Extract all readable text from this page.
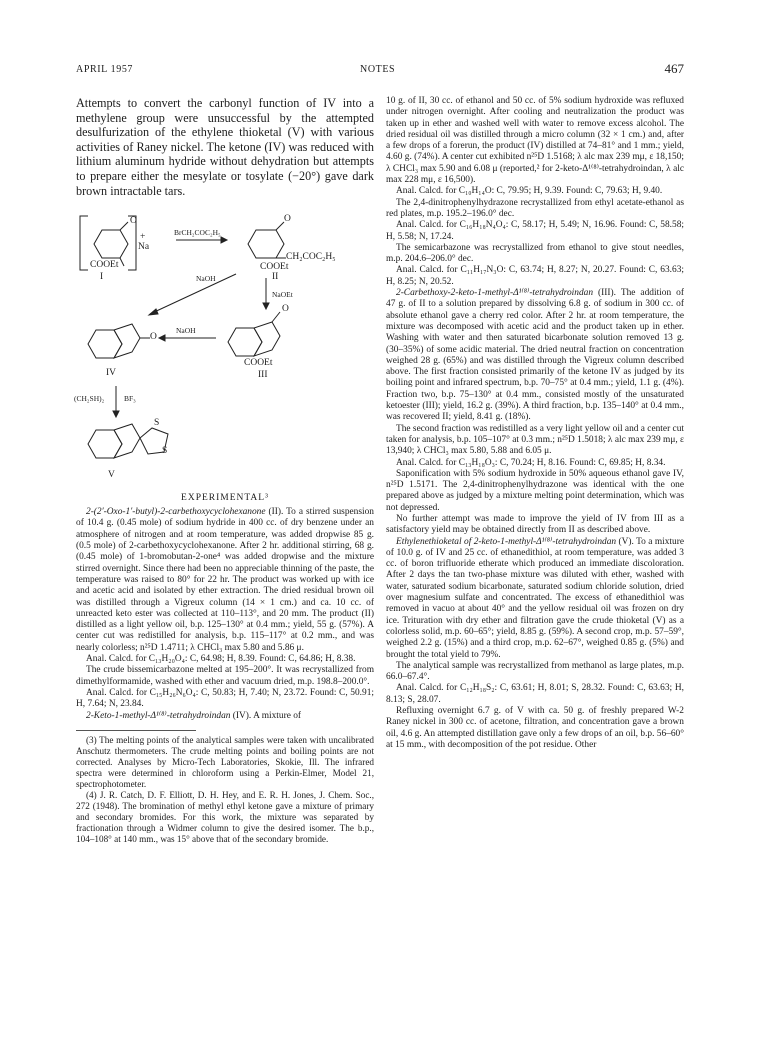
APRIL 1957	NOTES	467

Attempts to convert the carbonyl function of IV into a methylene group were unsuccessful by the attempted desulfurization of the ethylene thioketal (V) with various activities of Raney nickel. The ketone (IV) was reduced with lithium aluminum hydride without dehydration but attempts to prepare either the mesylate or tosylate (−20°) gave dark brown intractable tars.

O
+
Na
BrCH₂COC₂H₅
COOEt
I
O
CH₂COC₂H₅
COOEt
II
NaOH
NaOEt
O
COOEt
III
NaOH
O
IV
(CH₂SH)₂	BF₃
S
S
V
EXPERIMENTAL³

2-(2′-Oxo-1′-butyl)-2-carbethoxycyclohexanone (II). To a stirred suspension of 10.4 g. (0.45 mole) of sodium hydride in 400 cc. of dry benzene under an atmosphere of nitrogen and at room temperature, was added dropwise 85 g. (0.5 mole) of 2-carbethoxycyclohexanone. After 2 hr. additional stirring, 68 g. (0.45 mole) of 1-bromobutan-2-one⁴ was added dropwise and the mixture stirred overnight. Since there had been no appreciable thinning of the paste, the temperature was raised to 80° for 22 hr. The product was worked up with ice and acetic acid and isolated by ether extraction. The dried residual brown oil was distilled through a Vigreux column (14 × 1 cm.) and ca. 10 cc. of unreacted keto ester was collected at 110–113°, and 20 mm. The product (II) distilled as a light yellow oil, b.p. 125–130° at 0.4 mm.; yield, 55 g. (57%). A center cut was redistilled for analysis, b.p. 115–117° at 0.2 mm., and was nearly colorless; n²⁵D 1.4711; λ CHCl₃ max 5.80 and 5.86 μ.

Anal. Calcd. for C₁₃H₂₀O₄: C, 64.98; H, 8.39. Found: C, 64.86; H, 8.38.

The crude bissemicarbazone melted at 195–200°. It was recrystallized from dimethylformamide, washed with ether and vacuum dried, m.p. 198.8–200.0°.

Anal. Calcd. for C₁₅H₂₆N₆O₄: C, 50.83; H, 7.40; N, 23.72. Found: C, 50.91; H, 7.64; N, 23.84.

2-Keto-1-methyl-Δ¹⁽⁸⁾-tetrahydroindan (IV). A mixture of

(3) The melting points of the analytical samples were taken with uncalibrated Anschutz thermometers. The crude melting points and boiling points are not corrected. Analyses by Micro-Tech Laboratories, Skokie, Ill. The infrared spectra were determined in chloroform using a Perkin-Elmer, Model 21, spectrophotometer.

(4) J. R. Catch, D. F. Elliott, D. H. Hey, and E. R. H. Jones, J. Chem. Soc., 272 (1948). The bromination of methyl ethyl ketone gave a mixture of primary and secondary bromides. For this work, the mixture was separated by fractionation through a Widmer column to give the desired isomer. The b.p., 104–108° at 140 mm., was 15° above that of the secondary bromide.

10 g. of II, 30 cc. of ethanol and 50 cc. of 5% sodium hydroxide was refluxed under nitrogen overnight. After cooling and neutralization the product was taken up in ether and washed well with water to remove excess alcohol. The dried residual oil was distilled through a micro column (32 × 1 cm.) and, after a few drops of a forerun, the product (IV) distilled at 74–81° and 1 mm.; yield, 4.60 g. (74%). A center cut exhibited n²⁵D 1.5168; λ alc max 239 mμ, ε 18,150; λ CHCl₃ max 5.90 and 6.08 μ (reported,² for 2-keto-Δ¹⁽⁸⁾-tetrahydroindan, λ alc max 228 mμ, ε 16,500).

Anal. Calcd. for C₁₀H₁₄O: C, 79.95; H, 9.39. Found: C, 79.63; H, 9.40.

The 2,4-dinitrophenylhydrazone recrystallized from ethyl acetate-ethanol as red plates, m.p. 195.2–196.0° dec.

Anal. Calcd. for C₁₆H₁₈N₄O₄: C, 58.17; H, 5.49; N, 16.96. Found: C, 58.58; H, 5.58; N, 17.24.

The semicarbazone was recrystallized from ethanol to give stout needles, m.p. 204.6–206.0° dec.

Anal. Calcd. for C₁₁H₁₇N₃O: C, 63.74; H, 8.27; N, 20.27. Found: C, 63.63; H, 8.25; N, 20.52.

2-Carbethoxy-2-keto-1-methyl-Δ¹⁽⁸⁾-tetrahydroindan (III). The addition of 47 g. of II to a solution prepared by dissolving 6.8 g. of sodium in 300 cc. of absolute ethanol gave a cherry red color. After 2 hr. at room temperature, the mixture was decomposed with acetic acid and the product taken up in ether. Washing with water and then saturated bicarbonate solution removed 13 g. (30–35%) of some acidic material. The dried neutral fraction on concentration weighed 28 g. (65%) and was distilled through the Vigreux column described above. The first fraction consisted primarily of the ketone IV as judged by its boiling point and infrared spectrum, b.p. 70–75° at 0.4 mm.; yield, 1.1 g. (4%). Fraction two, b.p. 75–130° at 0.4 mm., consisted mostly of the unsaturated ketoester (III); yield, 16.2 g. (39%). A third fraction, b.p. 135–140° at 0.4 mm., was recovered II; yield, 8.41 g. (18%).

The second fraction was redistilled as a very light yellow oil and a center cut taken for analysis, b.p. 105–107° at 0.3 mm.; n²⁵D 1.5018; λ alc max 239 mμ, ε 13,940; λ CHCl₃ max 5.80, 5.88 and 6.05 μ.

Anal. Calcd. for C₁₃H₁₈O₃: C, 70.24; H, 8.16. Found: C, 69.85; H, 8.34.

Saponification with 5% sodium hydroxide in 50% aqueous ethanol gave IV, n²⁵D 1.5171. The 2,4-dinitrophenylhydrazone was identical with the one prepared above as judged by a mixture melting point determination, which was not depressed.

No further attempt was made to improve the yield of IV from III as a satisfactory yield may be obtained directly from II as described above.

Ethylenethioketal of 2-keto-1-methyl-Δ¹⁽⁸⁾-tetrahydroindan (V). To a mixture of 10.0 g. of IV and 25 cc. of ethanedithiol, at room temperature, was added 3 cc. of boron trifluoride etherate which produced an immediate discoloration. After 2 days the tan two-phase mixture was diluted with ether, washed with water, saturated sodium bicarbonate, saturated sodium chloride solution, dried over magnesium sulfate and concentrated. The excess of ethanedithiol was removed in vacuo at about 40° and the yellow residual oil was frozen on dry ice. Trituration with dry ether and filtration gave the crude thioketal (V) as a colorless solid, m.p. 60–65°; yield, 8.85 g. (59%). A second crop, m.p. 57–59°, weighed 2.2 g. (15%) and a third crop, m.p. 62–67°, weighed 0.85 g. (5%) and brought the total yield to 79%.

The analytical sample was recrystallized from methanol as large plates, m.p. 66.0–67.4°.

Anal. Calcd. for C₁₂H₁₈S₂: C, 63.61; H, 8.01; S, 28.32. Found: C, 63.63; H, 8.13; S, 28.07.

Refluxing overnight 6.7 g. of V with ca. 50 g. of freshly prepared W-2 Raney nickel in 300 cc. of acetone, filtration, and concentration gave a brown oil, 4.6 g. An attempted distillation gave only a few drops of an oil, b.p. 56–60° at 15 mm., with decomposition of the pot residue. Other
